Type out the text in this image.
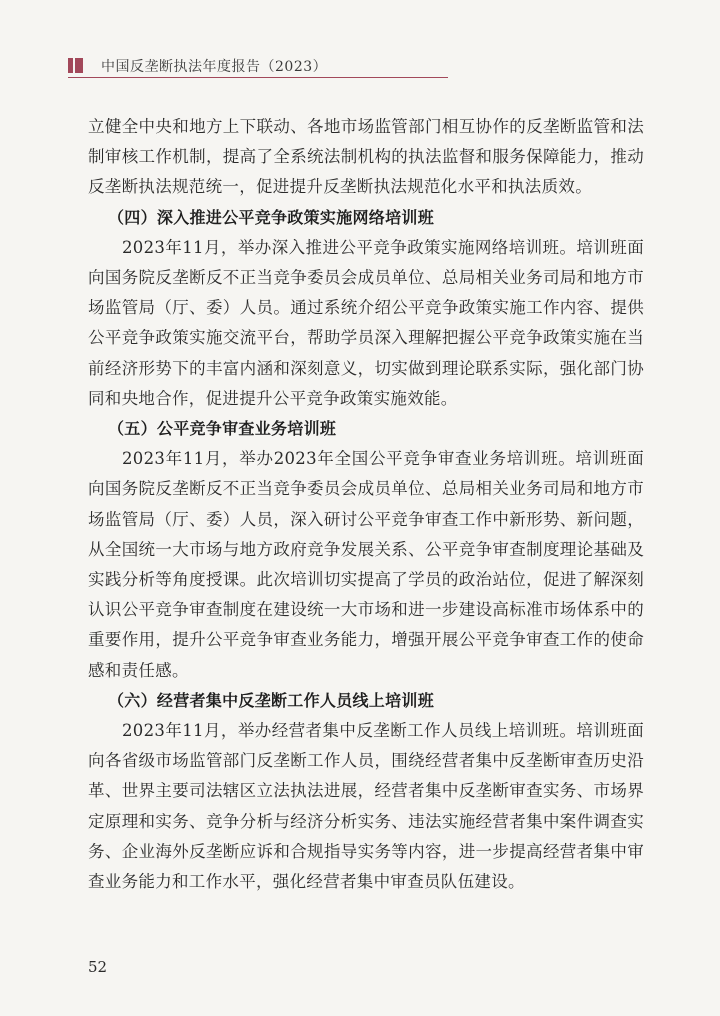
中国反垄断执法年度报告（2023）

立健全中央和地方上下联动、各地市场监管部门相互协作的反垄断监管和法制审核工作机制，提高了全系统法制机构的执法监督和服务保障能力，推动反垄断执法规范统一，促进提升反垄断执法规范化水平和执法质效。

（四）深入推进公平竞争政策实施网络培训班

2023年11月，举办深入推进公平竞争政策实施网络培训班。培训班面向国务院反垄断反不正当竞争委员会成员单位、总局相关业务司局和地方市场监管局（厅、委）人员。通过系统介绍公平竞争政策实施工作内容、提供公平竞争政策实施交流平台，帮助学员深入理解把握公平竞争政策实施在当前经济形势下的丰富内涵和深刻意义，切实做到理论联系实际，强化部门协同和央地合作，促进提升公平竞争政策实施效能。

（五）公平竞争审查业务培训班

2023年11月，举办2023年全国公平竞争审查业务培训班。培训班面向国务院反垄断反不正当竞争委员会成员单位、总局相关业务司局和地方市场监管局（厅、委）人员，深入研讨公平竞争审查工作中新形势、新问题，从全国统一大市场与地方政府竞争发展关系、公平竞争审查制度理论基础及实践分析等角度授课。此次培训切实提高了学员的政治站位，促进了解深刻认识公平竞争审查制度在建设统一大市场和进一步建设高标准市场体系中的重要作用，提升公平竞争审查业务能力，增强开展公平竞争审查工作的使命感和责任感。

（六）经营者集中反垄断工作人员线上培训班

2023年11月，举办经营者集中反垄断工作人员线上培训班。培训班面向各省级市场监管部门反垄断工作人员，围绕经营者集中反垄断审查历史沿革、世界主要司法辖区立法执法进展，经营者集中反垄断审查实务、市场界定原理和实务、竞争分析与经济分析实务、违法实施经营者集中案件调查实务、企业海外反垄断应诉和合规指导实务等内容，进一步提高经营者集中审查业务能力和工作水平，强化经营者集中审查员队伍建设。

52
